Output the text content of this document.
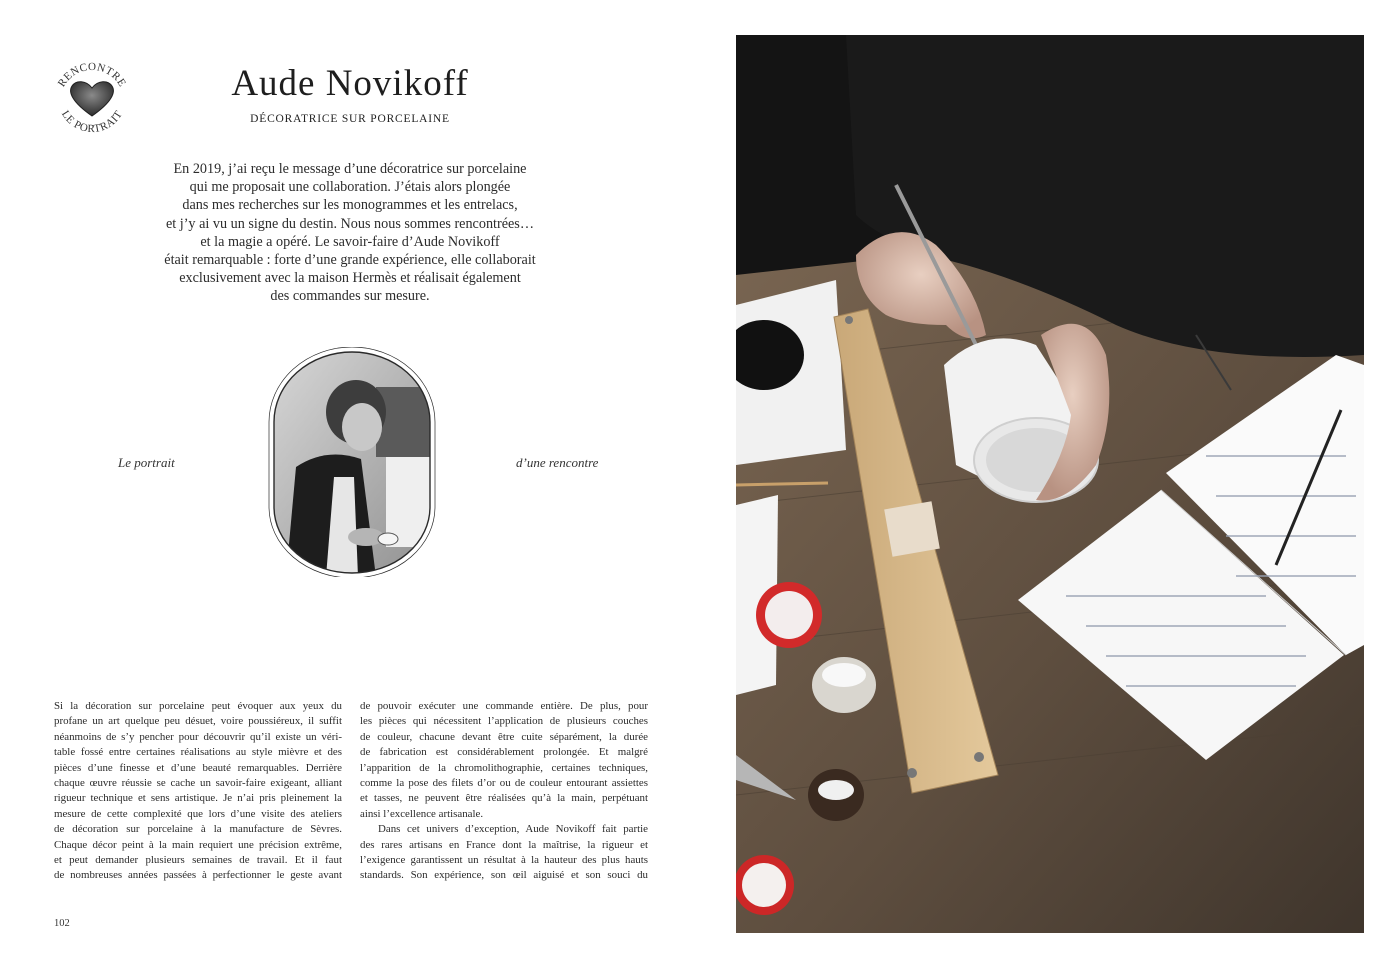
RENCONTRE
LE PORTRAIT
Aude Novikoff
DÉCORATRICE SUR PORCELAINE
En 2019, j’ai reçu le message d’une décoratrice sur porcelaine
qui me proposait une collaboration. J’étais alors plongée
dans mes recherches sur les monogrammes et les entrelacs,
et j’y ai vu un signe du destin. Nous nous sommes rencontrées…
et la magie a opéré. Le savoir-faire d’Aude Novikoff
était remarquable : forte d’une grande expérience, elle collaborait
exclusivement avec la maison Hermès et réalisait également
des commandes sur mesure.
Le portrait	d’une rencontre
Si la décoration sur porcelaine peut évoquer aux yeux du
profane un art quelque peu désuet, voire poussiéreux, il suffit
néanmoins de s’y pencher pour découvrir qu’il existe un véri-
table fossé entre certaines réalisations au style mièvre et des
pièces d’une finesse et d’une beauté remarquables. Derrière
chaque œuvre réussie se cache un savoir-faire exigeant, alliant
rigueur technique et sens artistique. Je n’ai pris pleinement la
mesure de cette complexité que lors d’une visite des ateliers
de décoration sur porcelaine à la manufacture de Sèvres.
Chaque décor peint à la main requiert une précision extrême,
et peut demander plusieurs semaines de travail. Et il faut
de nombreuses années passées à perfectionner le geste avant
de pouvoir exécuter une commande entière. De plus, pour
les pièces qui nécessitent l’application de plusieurs couches
de couleur, chacune devant être cuite séparément, la durée
de fabrication est considérablement prolongée. Et malgré
l’apparition de la chromolithographie, certaines techniques,
comme la pose des filets d’or ou de couleur entourant assiettes
et tasses, ne peuvent être réalisées qu’à la main, perpétuant
ainsi l’excellence artisanale.
Dans cet univers d’exception, Aude Novikoff fait partie
des rares artisans en France dont la maîtrise, la rigueur et
l’exigence garantissent un résultat à la hauteur des plus hauts
standards. Son expérience, son œil aiguisé et son souci du
102
